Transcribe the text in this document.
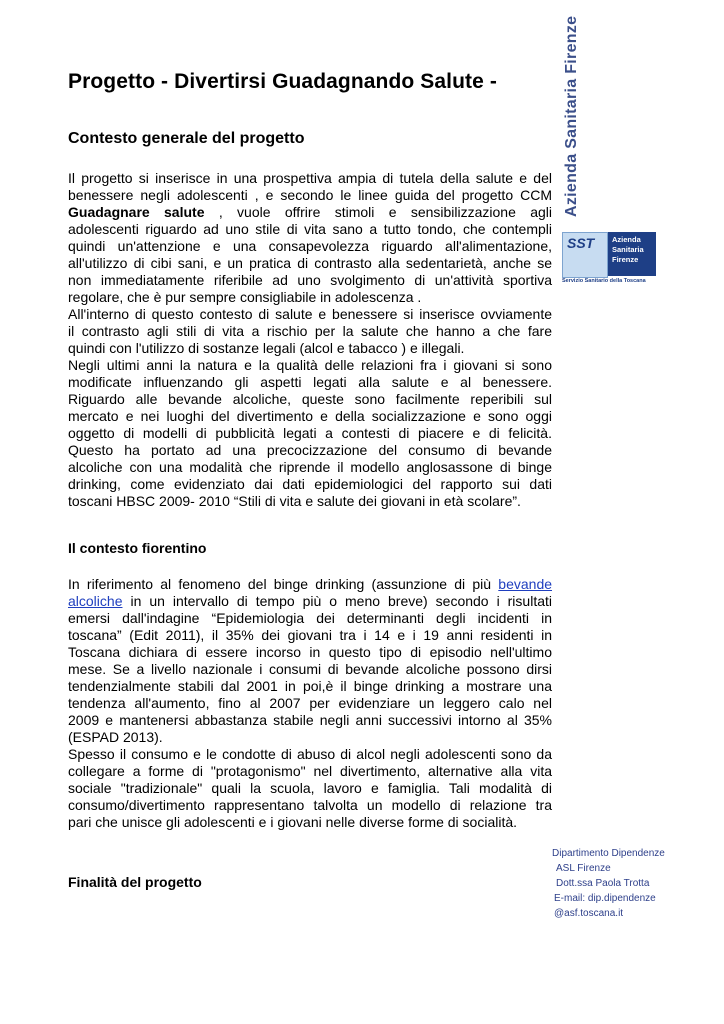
Progetto - Divertirsi Guadagnando Salute -
Contesto generale del progetto
Il progetto si inserisce in una prospettiva ampia di tutela della salute e del
benessere negli adolescenti , e secondo le linee guida del progetto CCM
Guadagnare salute , vuole offrire stimoli e sensibilizzazione agli
adolescenti riguardo ad uno stile di vita sano a tutto tondo, che contempli
quindi un'attenzione e una consapevolezza riguardo all'alimentazione,
all'utilizzo di cibi sani, e un pratica di contrasto alla sedentarietà, anche se
non immediatamente riferibile ad uno svolgimento di un'attività sportiva
regolare, che è pur sempre consigliabile in adolescenza .
All'interno di questo contesto di salute e benessere si inserisce ovviamente
il contrasto agli stili di vita a rischio per la salute che hanno a che fare
quindi con l'utilizzo di sostanze legali (alcol e tabacco ) e illegali.
Negli ultimi anni la natura e la qualità delle relazioni fra i giovani si sono
modificate influenzando gli aspetti legati alla salute e al benessere.
Riguardo alle bevande alcoliche, queste sono facilmente reperibili sul
mercato e nei luoghi del divertimento e della socializzazione e sono oggi
oggetto di modelli di pubblicità legati a contesti di piacere e di felicità.
Questo ha portato ad una precocizzazione del consumo di bevande
alcoliche con una modalità che riprende il modello anglosassone di binge
drinking, come evidenziato dai dati epidemiologici del rapporto sui dati
toscani HBSC 2009- 2010 “Stili di vita e salute dei giovani in età scolare”.
Il contesto fiorentino
In riferimento al fenomeno del binge drinking (assunzione di più bevande
alcoliche in un intervallo di tempo più o meno breve) secondo i risultati
emersi dall'indagine “Epidemiologia dei determinanti degli incidenti in
toscana” (Edit 2011), il 35% dei giovani tra i 14 e i 19 anni residenti in
Toscana dichiara di essere incorso in questo tipo di episodio nell'ultimo
mese. Se a livello nazionale i consumi di bevande alcoliche possono dirsi
tendenzialmente stabili dal 2001 in poi,è il binge drinking a mostrare una
tendenza all'aumento, fino al 2007 per evidenziare un leggero calo nel
2009 e mantenersi abbastanza stabile negli anni successivi intorno al 35%
(ESPAD 2013).
Spesso il consumo e le condotte di abuso di alcol negli adolescenti sono da
collegare a forme di "protagonismo" nel divertimento, alternative alla vita
sociale "tradizionale" quali la scuola, lavoro e famiglia. Tali modalità di
consumo/divertimento rappresentano talvolta un modello di relazione tra
pari che unisce gli adolescenti e i giovani nelle diverse forme di socialità.
Finalità del progetto
Azienda Sanitaria Firenze
SST Azienda
Sanitaria
Firenze
Servizio Sanitario della Toscana
Dipartimento Dipendenze
ASL Firenze
Dott.ssa Paola Trotta
E-mail: dip.dipendenze
@asf.toscana.it
